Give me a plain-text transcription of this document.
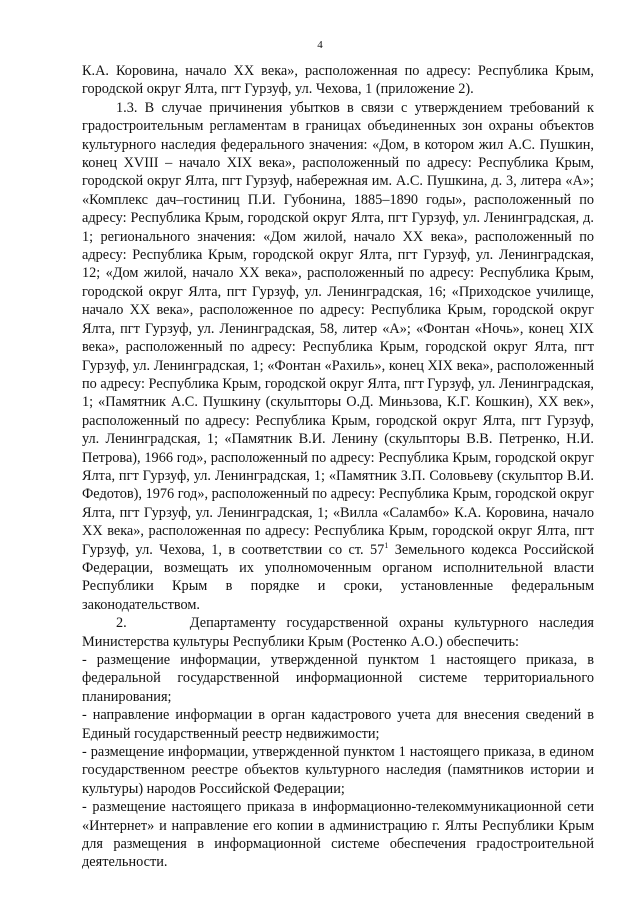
4

К.А. Коровина, начало XX века», расположенная по адресу: Республика Крым, городской округ Ялта, пгт Гурзуф, ул. Чехова, 1 (приложение 2).

1.3. В случае причинения убытков в связи с утверждением требований к градостроительным регламентам в границах объединенных зон охраны объектов культурного наследия федерального значения: «Дом, в котором жил А.С. Пушкин, конец XVIII – начало XIX века», расположенный по адресу: Республика Крым, городской округ Ялта, пгт Гурзуф, набережная им. А.С. Пушкина, д. 3, литера «А»; «Комплекс дач–гостиниц П.И. Губонина, 1885–1890 годы», расположенный по адресу: Республика Крым, городской округ Ялта, пгт Гурзуф, ул. Ленинградская, д. 1; регионального значения: «Дом жилой, начало XX века», расположенный по адресу: Республика Крым, городской округ Ялта, пгт Гурзуф, ул. Ленинградская, 12; «Дом жилой, начало XX века», расположенный по адресу: Республика Крым, городской округ Ялта, пгт Гурзуф, ул. Ленинградская, 16; «Приходское училище, начало XX века», расположенное по адресу: Республика Крым, городской округ Ялта, пгт Гурзуф, ул. Ленинградская, 58, литер «А»; «Фонтан «Ночь», конец XIX века», расположенный по адресу: Республика Крым, городской округ Ялта, пгт Гурзуф, ул. Ленинградская, 1; «Фонтан «Рахиль», конец XIX века», расположенный по адресу: Республика Крым, городской округ Ялта, пгт Гурзуф, ул. Ленинградская, 1; «Памятник А.С. Пушкину (скульпторы О.Д. Миньзова, К.Г. Кошкин), XX век», расположенный по адресу: Республика Крым, городской округ Ялта, пгт Гурзуф, ул. Ленинградская, 1; «Памятник В.И. Ленину (скульпторы В.В. Петренко, Н.И. Петрова), 1966 год», расположенный по адресу: Республика Крым, городской округ Ялта, пгт Гурзуф, ул. Ленинградская, 1; «Памятник З.П. Соловьеву (скульптор В.И. Федотов), 1976 год», расположенный по адресу: Республика Крым, городской округ Ялта, пгт Гурзуф, ул. Ленинградская, 1; «Вилла «Саламбо» К.А. Коровина, начало XX века», расположенная по адресу: Республика Крым, городской округ Ялта, пгт Гурзуф, ул. Чехова, 1, в соответствии со ст. $57^1$ Земельного кодекса Российской Федерации, возмещать их уполномоченным органом исполнительной власти Республики Крым в порядке и сроки, установленные федеральным законодательством.

2.      Департаменту государственной охраны культурного наследия Министерства культуры Республики Крым (Ростенко А.О.) обеспечить:

- размещение информации, утвержденной пунктом 1 настоящего приказа, в федеральной государственной информационной системе территориального планирования;

- направление информации в орган кадастрового учета для внесения сведений в Единый государственный реестр недвижимости;

- размещение информации, утвержденной пунктом 1 настоящего приказа, в едином государственном реестре объектов культурного наследия (памятников истории и культуры) народов Российской Федерации;

- размещение настоящего приказа в информационно-телекоммуникационной сети «Интернет» и направление его копии в администрацию г. Ялты Республики Крым для размещения в информационной системе обеспечения градостроительной деятельности.
